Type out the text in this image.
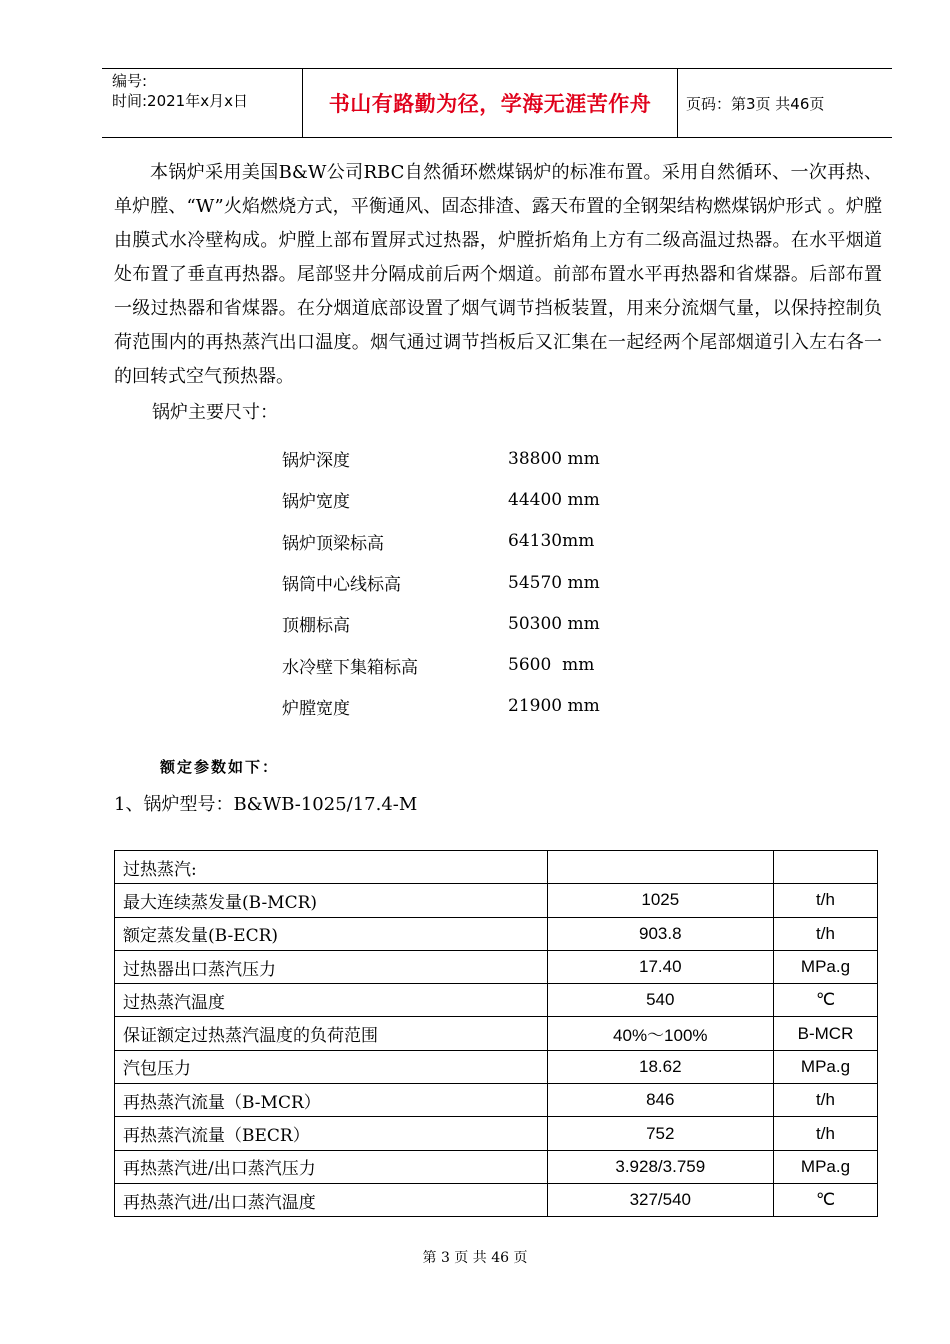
编号:
时间:2021年x月x日	书山有路勤为径，学海无涯苦作舟	页码：第3页 共46页

本锅炉采用美国B&W公司RBC自然循环燃煤锅炉的标准布置。采用自然循环、一次再热、单炉膛、“W”火焰燃烧方式，平衡通风、固态排渣、露天布置的全钢架结构燃煤锅炉形式 。炉膛由膜式水冷壁构成。炉膛上部布置屏式过热器，炉膛折焰角上方有二级高温过热器。在水平烟道处布置了垂直再热器。尾部竖井分隔成前后两个烟道。前部布置水平再热器和省煤器。后部布置一级过热器和省煤器。在分烟道底部设置了烟气调节挡板装置，用来分流烟气量，以保持控制负荷范围内的再热蒸汽出口温度。烟气通过调节挡板后又汇集在一起经两个尾部烟道引入左右各一的回转式空气预热器。

锅炉主要尺寸：
锅炉深度	38800 mm
锅炉宽度	44400 mm
锅炉顶梁标高	64130mm
锅筒中心线标高	54570 mm
顶棚标高	50300 mm
水冷壁下集箱标高	5600  mm
炉膛宽度	21900 mm
额定参数如下：
1、锅炉型号：B&WB-1025/17.4-M
过热蒸汽:		
最大连续蒸发量(B-MCR)	1025	t/h
额定蒸发量(B-ECR)	903.8	t/h
过热器出口蒸汽压力	17.40	MPa.g
过热蒸汽温度	540	℃
保证额定过热蒸汽温度的负荷范围	40%～100%	B-MCR
汽包压力	18.62	MPa.g
再热蒸汽流量（B-MCR）	846	t/h
再热蒸汽流量（BECR）	752	t/h
再热蒸汽进/出口蒸汽压力	3.928/3.759	MPa.g
再热蒸汽进/出口蒸汽温度	327/540	℃
第 3 页 共 46 页
